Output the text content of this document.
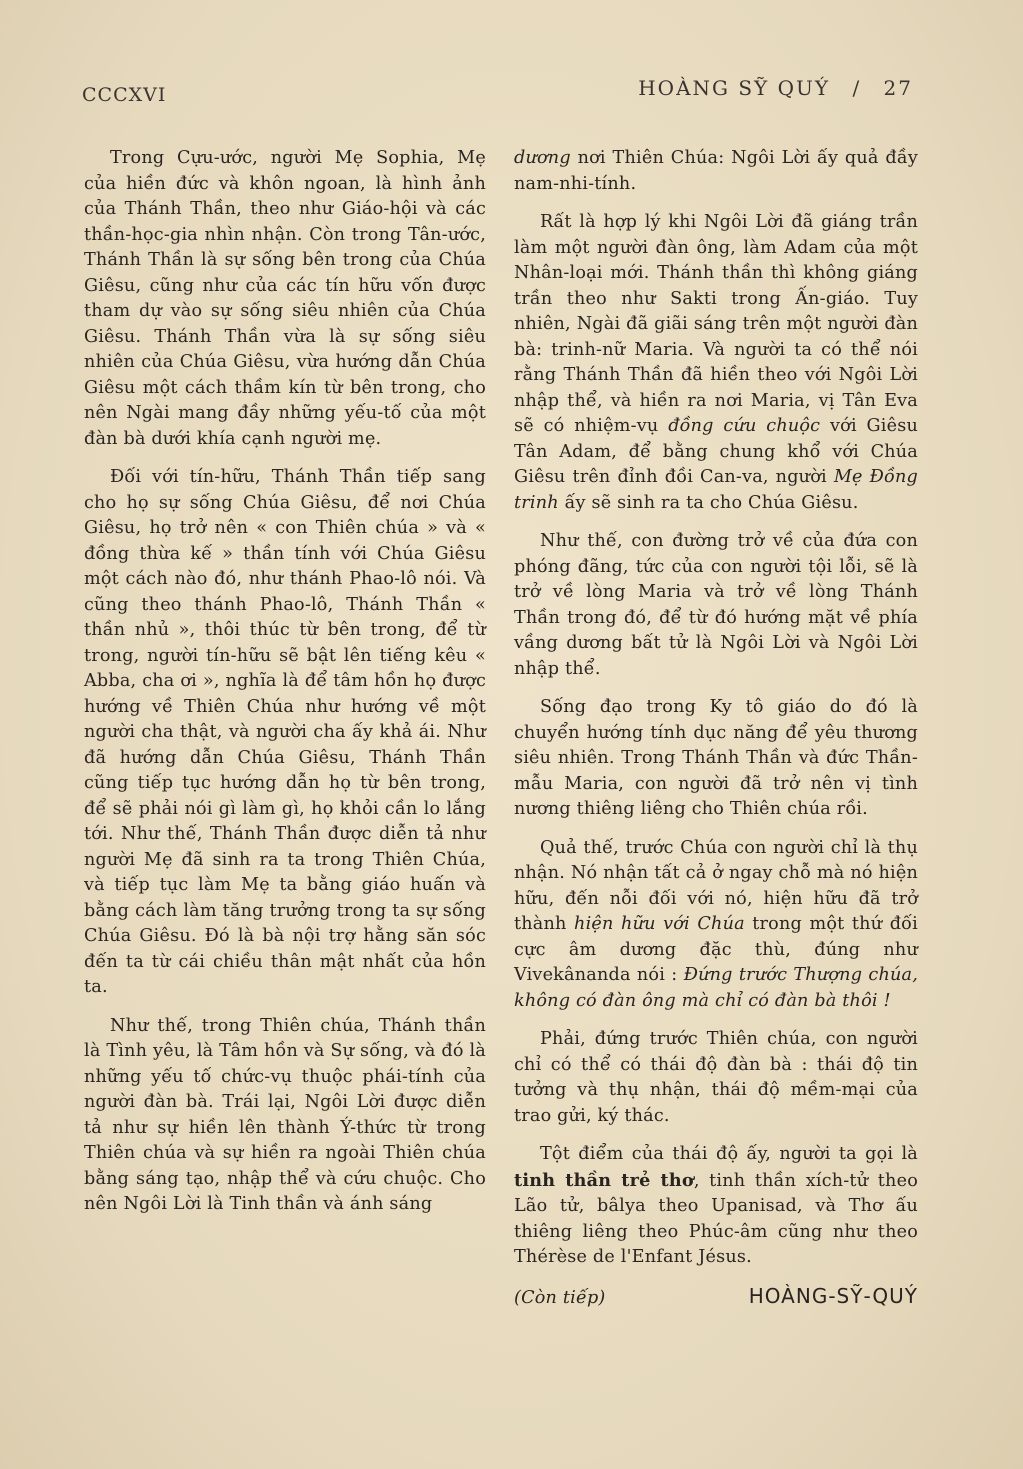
CCCXVI	HOÀNG SỸ QUÝ / 27

Trong Cựu-ước, người Mẹ Sophia, Mẹ của hiền đức và khôn ngoan, là hình ảnh của Thánh Thần, theo như Giáo-hội và các thần-học-gia nhìn nhận. Còn trong Tân-ước, Thánh Thần là sự sống bên trong của Chúa Giêsu, cũng như của các tín hữu vốn được tham dự vào sự sống siêu nhiên của Chúa Giêsu. Thánh Thần vừa là sự sống siêu nhiên của Chúa Giêsu, vừa hướng dẫn Chúa Giêsu một cách thầm kín từ bên trong, cho nên Ngài mang đầy những yếu-tố của một đàn bà dưới khía cạnh người mẹ.

Đối với tín-hữu, Thánh Thần tiếp sang cho họ sự sống Chúa Giêsu, để nơi Chúa Giêsu, họ trở nên « con Thiên chúa » và « đồng thừa kế » thần tính với Chúa Giêsu một cách nào đó, như thánh Phao-lô nói. Và cũng theo thánh Phao-lô, Thánh Thần « thần nhủ », thôi thúc từ bên trong, để từ trong, người tín-hữu sẽ bật lên tiếng kêu « Abba, cha ơi », nghĩa là để tâm hồn họ được hướng về Thiên Chúa như hướng về một người cha thật, và người cha ấy khả ái. Như đã hướng dẫn Chúa Giêsu, Thánh Thần cũng tiếp tục hướng dẫn họ từ bên trong, để sẽ phải nói gì làm gì, họ khỏi cần lo lắng tới. Như thế, Thánh Thần được diễn tả như người Mẹ đã sinh ra ta trong Thiên Chúa, và tiếp tục làm Mẹ ta bằng giáo huấn và bằng cách làm tăng trưởng trong ta sự sống Chúa Giêsu. Đó là bà nội trợ hằng săn sóc đến ta từ cái chiều thân mật nhất của hồn ta.

Như thế, trong Thiên chúa, Thánh thần là Tình yêu, là Tâm hồn và Sự sống, và đó là những yếu tố chức-vụ thuộc phái-tính của người đàn bà. Trái lại, Ngôi Lời được diễn tả như sự hiền lên thành Ý-thức từ trong Thiên chúa và sự hiền ra ngoài Thiên chúa bằng sáng tạo, nhập thể và cứu chuộc. Cho nên Ngôi Lời là Tinh thần và ánh sáng

dương nơi Thiên Chúa: Ngôi Lời ấy quả đầy nam-nhi-tính.

Rất là hợp lý khi Ngôi Lời đã giáng trần làm một người đàn ông, làm Adam của một Nhân-loại mới. Thánh thần thì không giáng trần theo như Sakti trong Ấn-giáo. Tuy nhiên, Ngài đã giãi sáng trên một người đàn bà: trinh-nữ Maria. Và người ta có thể nói rằng Thánh Thần đã hiền theo với Ngôi Lời nhập thể, và hiền ra nơi Maria, vị Tân Eva sẽ có nhiệm-vụ đồng cứu chuộc với Giêsu Tân Adam, để bằng chung khổ với Chúa Giêsu trên đỉnh đồi Can-va, người Mẹ Đồng trinh ấy sẽ sinh ra ta cho Chúa Giêsu.

Như thế, con đường trở về của đứa con phóng đãng, tức của con người tội lỗi, sẽ là trở về lòng Maria và trở về lòng Thánh Thần trong đó, để từ đó hướng mặt về phía vầng dương bất tử là Ngôi Lời và Ngôi Lời nhập thể.

Sống đạo trong Ky tô giáo do đó là chuyển hướng tính dục năng để yêu thương siêu nhiên. Trong Thánh Thần và đức Thần-mẫu Maria, con người đã trở nên vị tình nương thiêng liêng cho Thiên chúa rồi.

Quả thế, trước Chúa con người chỉ là thụ nhận. Nó nhận tất cả ở ngay chỗ mà nó hiện hữu, đến nỗi đối với nó, hiện hữu đã trở thành hiện hữu với Chúa trong một thứ đối cực âm dương đặc thù, đúng như Vivekânanda nói : Đứng trước Thượng chúa, không có đàn ông mà chỉ có đàn bà thôi !

Phải, đứng trước Thiên chúa, con người chỉ có thể có thái độ đàn bà : thái độ tin tưởng và thụ nhận, thái độ mềm-mại của trao gửi, ký thác.

Tột điểm của thái độ ấy, người ta gọi là tinh thần trẻ thơ, tinh thần xích-tử theo Lão tử, bâlya theo Upanisad, và Thơ ấu thiêng liêng theo Phúc-âm cũng như theo Thérèse de l'Enfant Jésus.

(Còn tiếp)	HOÀNG-SỸ-QUÝ
